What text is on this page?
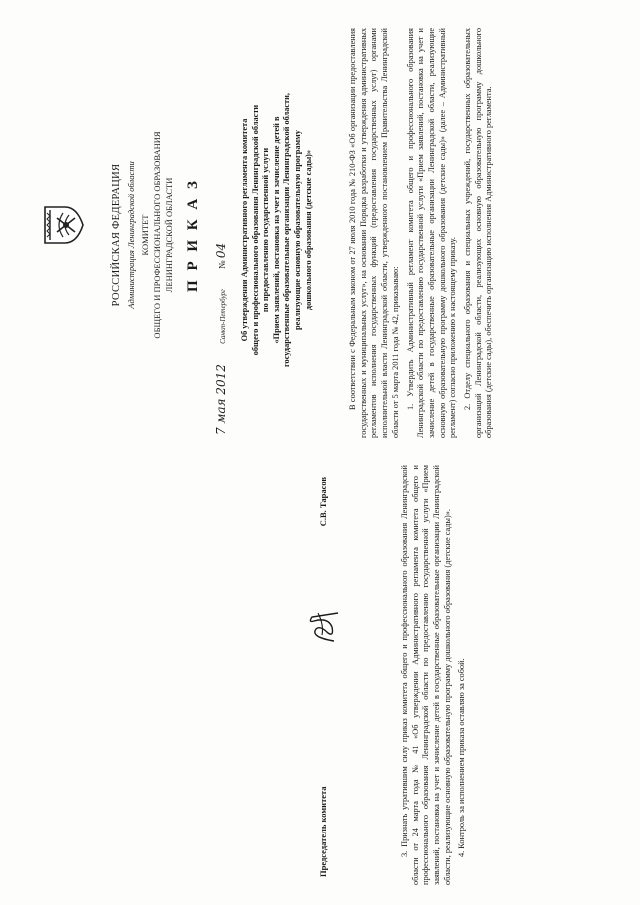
РОССИЙСКАЯ ФЕДЕРАЦИЯ Администрация Ленинградской области КОМИТЕТ ОБЩЕГО И ПРОФЕССИОНАЛЬНОГО ОБРАЗОВАНИЯ ЛЕНИНГРАДСКОЙ ОБЛАСТИ П Р И К А З
7 мая 2012 Санкт-Петербург № 04 Об утверждении Административного регламента комитета общего и профессионального образования Ленинградской области по предоставлению государственной услуги «Прием заявлений, постановка на учет и зачисление детей в государственные образовательные организации Ленинградской области, реализующие основную образовательную программу дошкольного образования (детские сады)»	В соответствии с Федеральным законом от 27 июля 2010 года № 210-ФЗ «Об организации предоставления государственных и муниципальных услуг», на основании Порядка разработки и утверждения административных регламентов исполнения государственных функций (предоставления государственных услуг) органами исполнительной власти Ленинградской области, утвержденного постановлением Правительства Ленинградской области от 5 марта 2011 года № 42, приказываю: 1. Утвердить Административный регламент комитета общего и профессионального образования Ленинградской области по предоставлению государственной услуги «Прием заявлений, постановка на учет и зачисление детей в государственные образовательные организации Ленинградской области, реализующие основную образовательную программу дошкольного образования (детские сады)» (далее – Административный регламент) согласно приложению к настоящему приказу. 2. Отделу специального образования и специальных учреждений, государственных образовательных организаций Ленинградской области, реализующих основную образовательную программу дошкольного образования (детские сады), обеспечить организацию исполнения Административного регламента.

3. Признать утратившим силу приказ комитета общего и профессионального образования Ленинградской области от 24 марта года № 41 «Об утверждении Административного регламента комитета общего и профессионального образования Ленинградской области по предоставлению государственной услуги «Прием заявлений, постановка на учет и зачисление детей в государственные образовательные организации Ленинградской области, реализующие основную образовательную программу дошкольного образования (детские сады)». 4. Контроль за исполнением приказа оставляю за собой.

Председатель комитета
С.В. Тарасов
